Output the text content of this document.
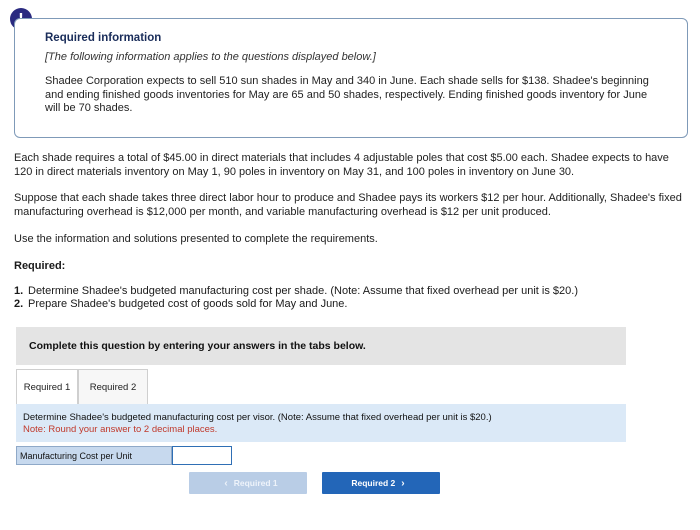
Required information
[The following information applies to the questions displayed below.]
Shadee Corporation expects to sell 510 sun shades in May and 340 in June. Each shade sells for $138. Shadee's beginning and ending finished goods inventories for May are 65 and 50 shades, respectively. Ending finished goods inventory for June will be 70 shades.
Each shade requires a total of $45.00 in direct materials that includes 4 adjustable poles that cost $5.00 each. Shadee expects to have 120 in direct materials inventory on May 1, 90 poles in inventory on May 31, and 100 poles in inventory on June 30.
Suppose that each shade takes three direct labor hour to produce and Shadee pays its workers $12 per hour. Additionally, Shadee's fixed manufacturing overhead is $12,000 per month, and variable manufacturing overhead is $12 per unit produced.
Use the information and solutions presented to complete the requirements.
Required:
1. Determine Shadee's budgeted manufacturing cost per shade. (Note: Assume that fixed overhead per unit is $20.)
2. Prepare Shadee's budgeted cost of goods sold for May and June.
Complete this question by entering your answers in the tabs below.
Required 1	Required 2
Determine Shadee's budgeted manufacturing cost per visor. (Note: Assume that fixed overhead per unit is $20.)
Note: Round your answer to 2 decimal places.
Manufacturing Cost per Unit
‹ Required 1	Required 2 ›
